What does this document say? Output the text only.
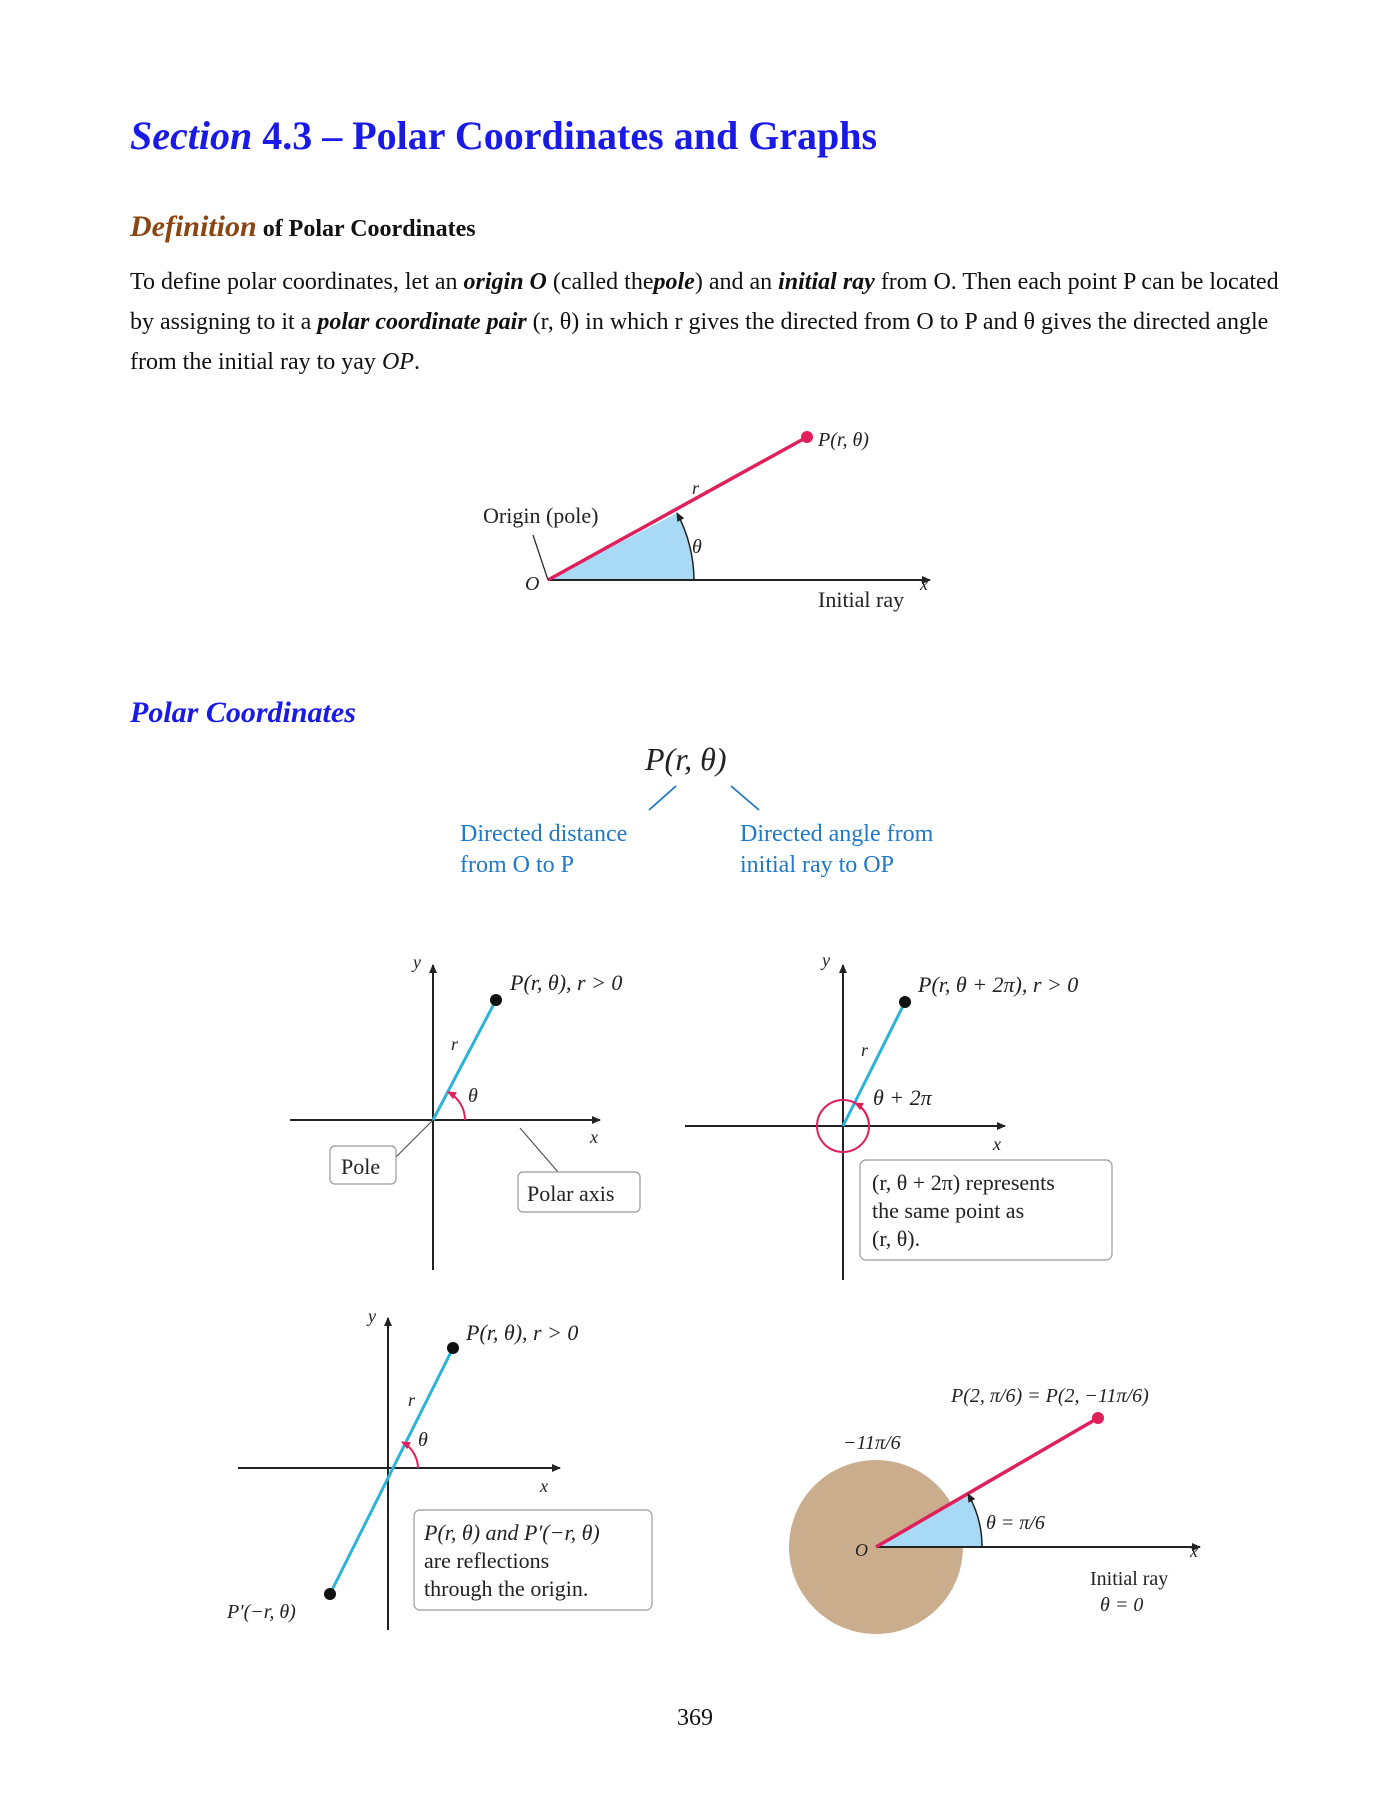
Section 4.3 – Polar Coordinates and Graphs
Definition of Polar Coordinates

To define polar coordinates, let an origin O (called thepole) and an initial ray from O. Then each point P can be located by assigning to it a polar coordinate pair (r, θ) in which r gives the directed from O to P and θ gives the directed angle from the initial ray to yay OP.

Polar Coordinates
P(r, θ)
r
θ
Origin (pole)
O	x
Initial ray
P(r, θ)
Directed distance
from O to P
Directed angle from
initial ray to OP
y
P(r, θ), r > 0
r
θ
x
Pole
Polar axis
y
P(r, θ + 2π), r > 0
r
θ + 2π
x
(r, θ + 2π) represents
the same point as
(r, θ).
y
P(r, θ), r > 0
r
θ
x
P′(−r, θ)
P(r, θ) and P′(−r, θ)
are reflections
through the origin.
P(2, π/6) = P(2, −11π/6)
−11π/6
θ = π/6
O	x
Initial ray
θ = 0
369
